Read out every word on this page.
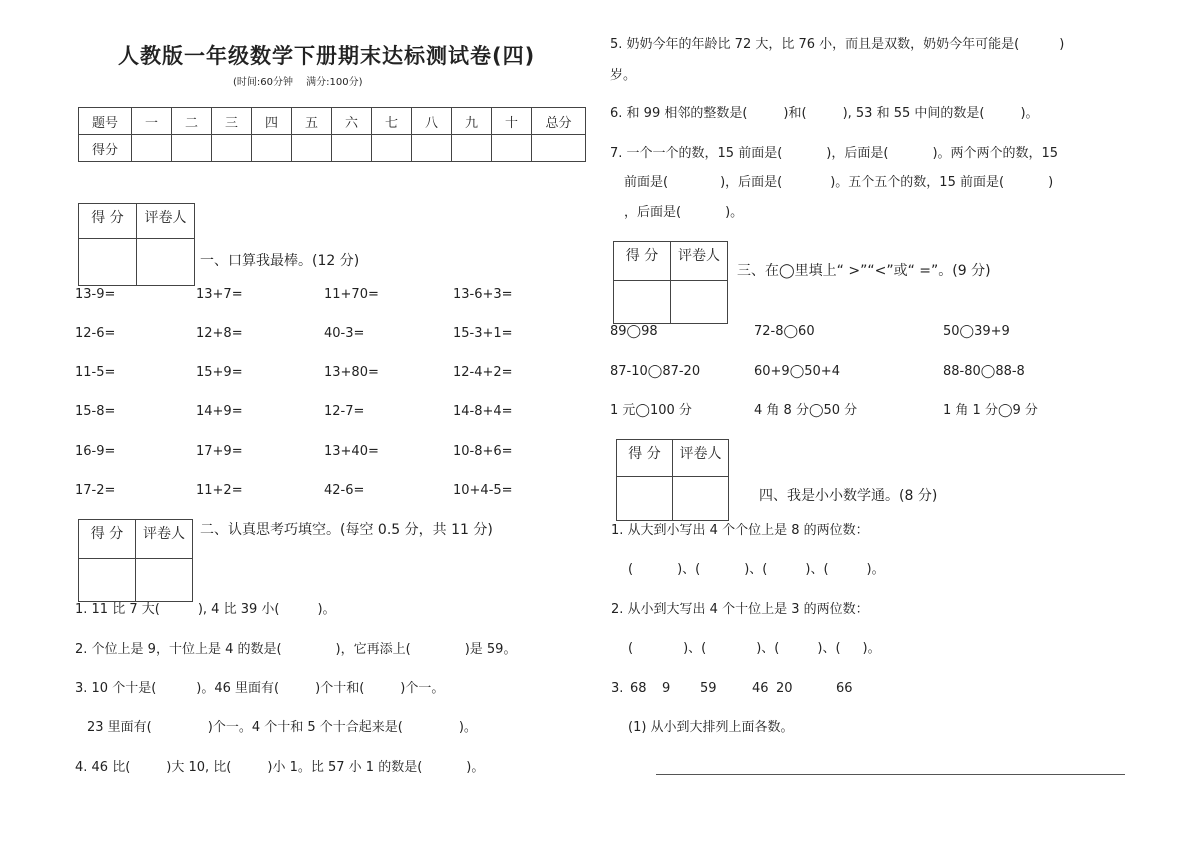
人教版一年级数学下册期末达标测试卷(四)
(时间:60分钟　 满分:100分)
题号	一	二	三	四	五	六	七	八	九	十	总分
得分											
得 分	评卷人

一、口算我最棒。(12 分)
13-9=	13+7=	11+70=	13-6+3=
12-6=	12+8=	40-3=	15-3+1=
11-5=	15+9=	13+80=	12-4+2=
15-8=	14+9=	12-7=	14-8+4=
16-9=	17+9=	13+40=	10-8+6=
17-2=	11+2=	42-6=	10+4-5=
得 分	评卷人
	二、认真思考巧填空。(每空 0.5 分，共 11 分)
1. 11 比 7 大(	), 4 比 39 小(	)。
2. 个位上是 9，十位上是 4 的数是(	)，它再添上(	)是 59。
3. 10 个十是(	)。46 里面有(	)个十和(	)个一。
23 里面有(	)个一。4 个十和 5 个十合起来是(	)。
4. 46 比(	)大 10, 比(	)小 1。比 57 小 1 的数是(	)。
5. 奶奶今年的年龄比 72 大，比 76 小，而且是双数，奶奶今年可能是(	)
岁。
6. 和 99 相邻的整数是(	)和(	), 53 和 55 中间的数是(	)。
7. 一个一个的数，15 前面是(	)，后面是(	)。两个两个的数，15
前面是(	)，后面是(	)。五个五个的数，15 前面是(	)
，后面是(	)。
得 分	评卷人

三、在◯里填上“ >”“<”或“ =”。(9 分)
89◯98	72-8◯60	50◯39+9
87-10◯87-20	60+9◯50+4	88-80◯88-8
1 元◯100 分	4 角 8 分◯50 分	1 角 1 分◯9 分
得 分	评卷人

四、我是小小数学通。(8 分)
1. 从大到小写出 4 个个位上是 8 的两位数：
(	)、(	)、(	)、(	)。
2. 从小到大写出 4 个十位上是 3 的两位数：
(	)、(	)、(	)、( )。
3. 68	9	59	46 20	66
(1) 从小到大排列上面各数。
